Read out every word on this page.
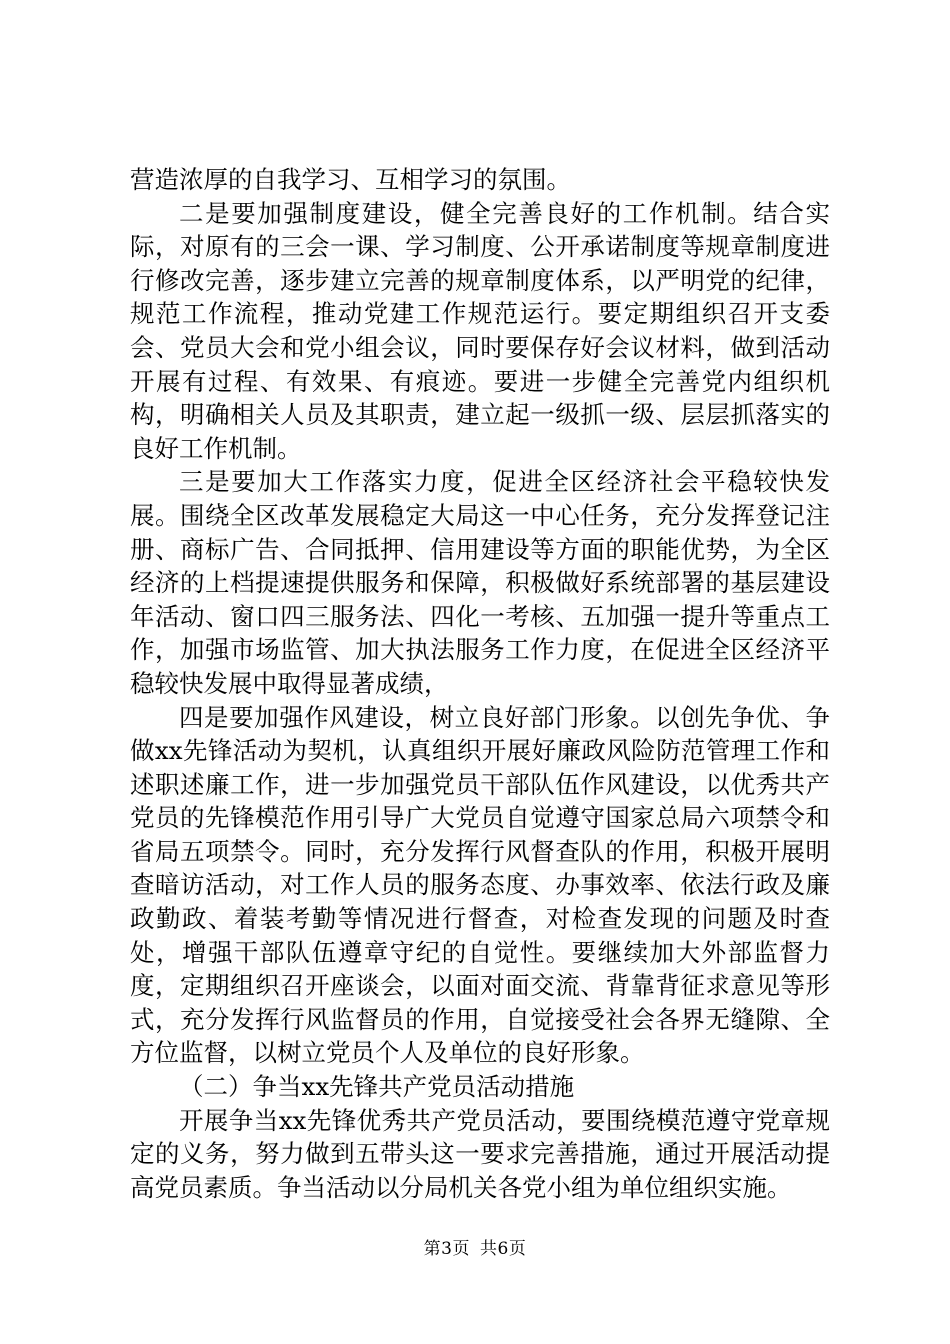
营造浓厚的自我学习、互相学习的氛围。

二是要加强制度建设，健全完善良好的工作机制。结合实际，对原有的三会一课、学习制度、公开承诺制度等规章制度进行修改完善，逐步建立完善的规章制度体系，以严明党的纪律，规范工作流程，推动党建工作规范运行。要定期组织召开支委会、党员大会和党小组会议，同时要保存好会议材料，做到活动开展有过程、有效果、有痕迹。要进一步健全完善党内组织机构，明确相关人员及其职责，建立起一级抓一级、层层抓落实的良好工作机制。

三是要加大工作落实力度，促进全区经济社会平稳较快发展。围绕全区改革发展稳定大局这一中心任务，充分发挥登记注册、商标广告、合同抵押、信用建设等方面的职能优势，为全区经济的上档提速提供服务和保障，积极做好系统部署的基层建设年活动、窗口四三服务法、四化一考核、五加强一提升等重点工作，加强市场监管、加大执法服务工作力度，在促进全区经济平稳较快发展中取得显著成绩，

四是要加强作风建设，树立良好部门形象。以创先争优、争做xx先锋活动为契机，认真组织开展好廉政风险防范管理工作和述职述廉工作，进一步加强党员干部队伍作风建设，以优秀共产党员的先锋模范作用引导广大党员自觉遵守国家总局六项禁令和省局五项禁令。同时，充分发挥行风督查队的作用，积极开展明查暗访活动，对工作人员的服务态度、办事效率、依法行政及廉政勤政、着装考勤等情况进行督查，对检查发现的问题及时查处，增强干部队伍遵章守纪的自觉性。要继续加大外部监督力度，定期组织召开座谈会，以面对面交流、背靠背征求意见等形式，充分发挥行风监督员的作用，自觉接受社会各界无缝隙、全方位监督，以树立党员个人及单位的良好形象。

（二）争当xx先锋共产党员活动措施

开展争当xx先锋优秀共产党员活动，要围绕模范遵守党章规定的义务，努力做到五带头这一要求完善措施，通过开展活动提高党员素质。争当活动以分局机关各党小组为单位组织实施。

第3页 共6页
